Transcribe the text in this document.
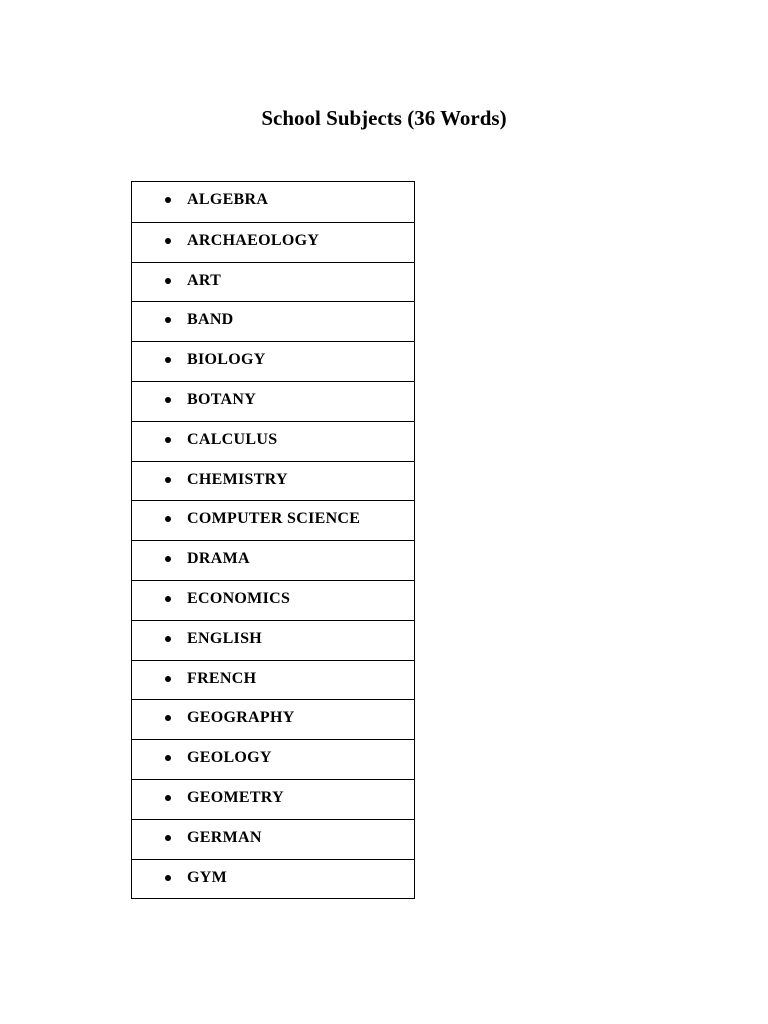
School Subjects (36 Words)
ALGEBRA
ARCHAEOLOGY
ART
BAND
BIOLOGY
BOTANY
CALCULUS
CHEMISTRY
COMPUTER SCIENCE
DRAMA
ECONOMICS
ENGLISH
FRENCH
GEOGRAPHY
GEOLOGY
GEOMETRY
GERMAN
GYM
